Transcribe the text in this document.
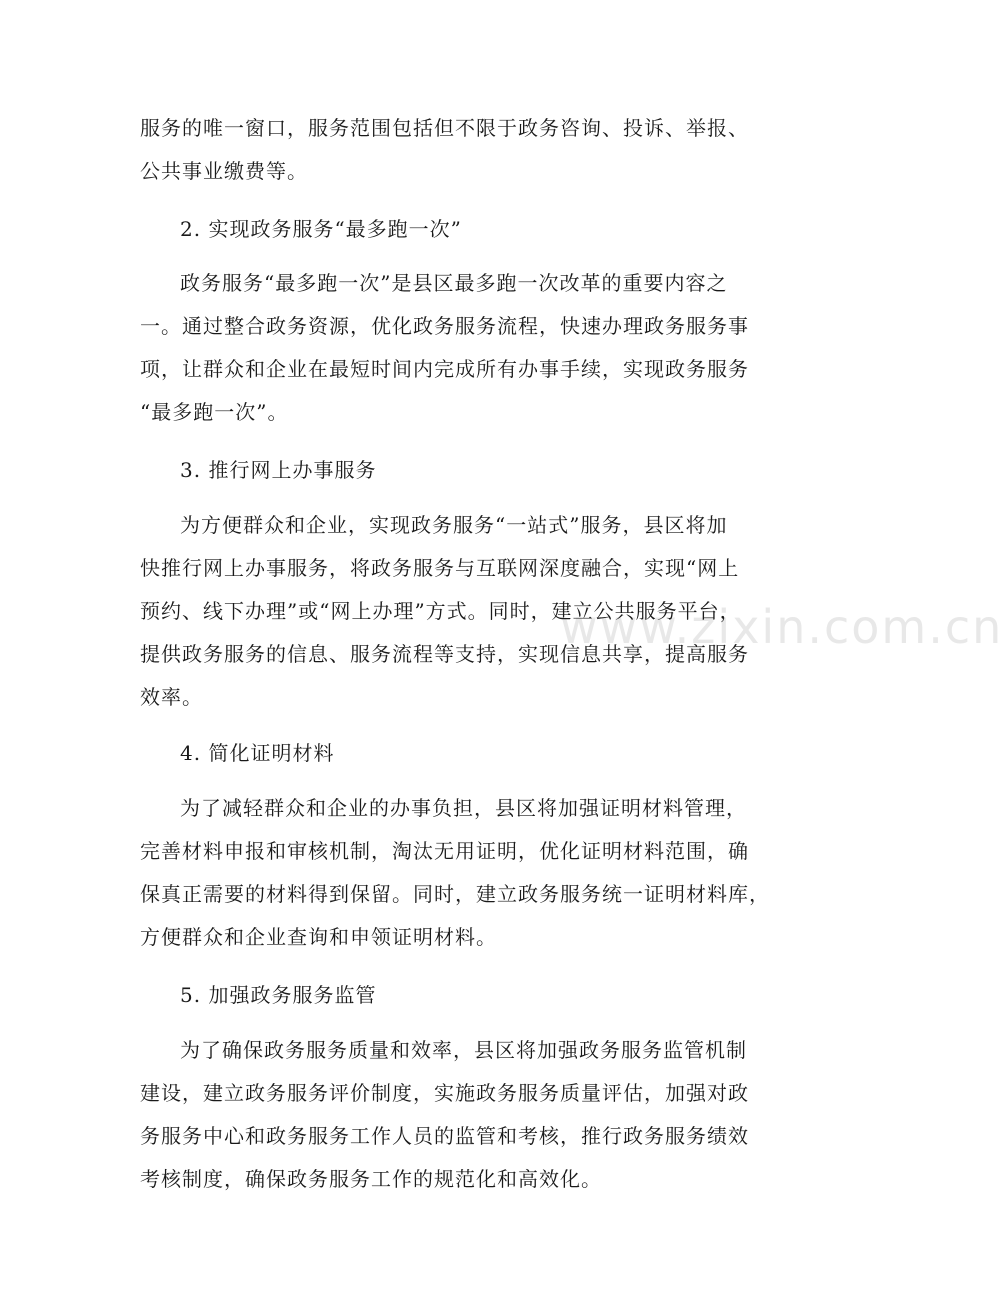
www.zixin.com.cn
服务的唯一窗口，服务范围包括但不限于政务咨询、投诉、举报、
公共事业缴费等。
2. 实现政务服务“最多跑一次”
政务服务“最多跑一次”是县区最多跑一次改革的重要内容之
一。通过整合政务资源，优化政务服务流程，快速办理政务服务事
项，让群众和企业在最短时间内完成所有办事手续，实现政务服务
“最多跑一次”。
3. 推行网上办事服务
为方便群众和企业，实现政务服务“一站式”服务，县区将加
快推行网上办事服务，将政务服务与互联网深度融合，实现“网上
预约、线下办理”或“网上办理”方式。同时，建立公共服务平台，
提供政务服务的信息、服务流程等支持，实现信息共享，提高服务
效率。
4. 简化证明材料
为了减轻群众和企业的办事负担，县区将加强证明材料管理，
完善材料申报和审核机制，淘汰无用证明，优化证明材料范围，确
保真正需要的材料得到保留。同时，建立政务服务统一证明材料库，
方便群众和企业查询和申领证明材料。
5. 加强政务服务监管
为了确保政务服务质量和效率，县区将加强政务服务监管机制
建设，建立政务服务评价制度，实施政务服务质量评估，加强对政
务服务中心和政务服务工作人员的监管和考核，推行政务服务绩效
考核制度，确保政务服务工作的规范化和高效化。
